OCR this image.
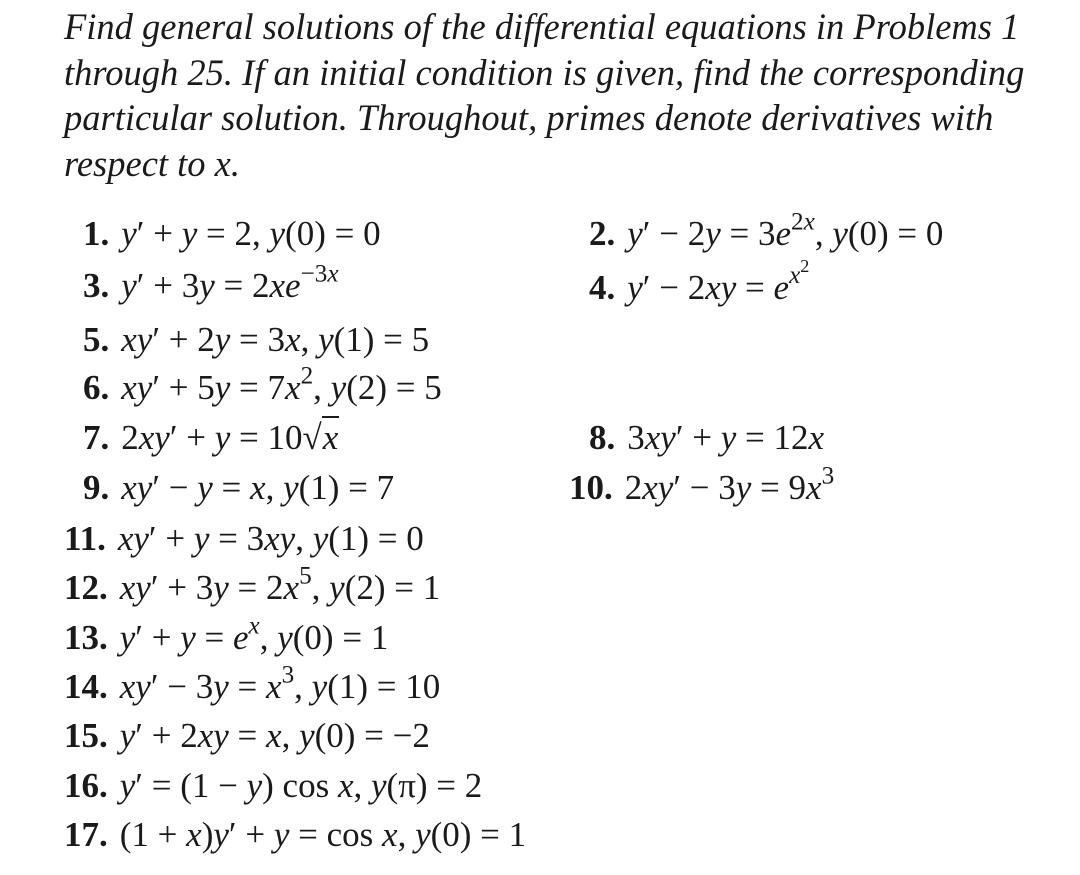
Find general solutions of the differential equations in Problems 1 through 25. If an initial condition is given, find the corresponding particular solution. Throughout, primes denote derivatives with respect to x.

1. y′ + y = 2, y(0) = 0	2. $y' - 2y = 3e^{2x}$, y(0) = 0
3. $y' + 3y = 2xe^{-3x}$	4. $y' - 2xy = e^{x^2}$
5. xy′ + 2y = 3x, y(1) = 5
6. $xy' + 5y = 7x^2$, y(2) = 5
7. 2xy′ + y = 10√x	8. 3xy′ + y = 12x
9. xy′ − y = x, y(1) = 7	10. $2xy' - 3y = 9x^3$
11. xy′ + y = 3xy, y(1) = 0
12. $xy' + 3y = 2x^5$, y(2) = 1
13. $y' + y = e^x$, y(0) = 1
14. $xy' - 3y = x^3$, y(1) = 10
15. y′ + 2xy = x, y(0) = −2
16. y′ = (1 − y) cos x, y(π) = 2
17. (1 + x)y′ + y = cos x, y(0) = 1
